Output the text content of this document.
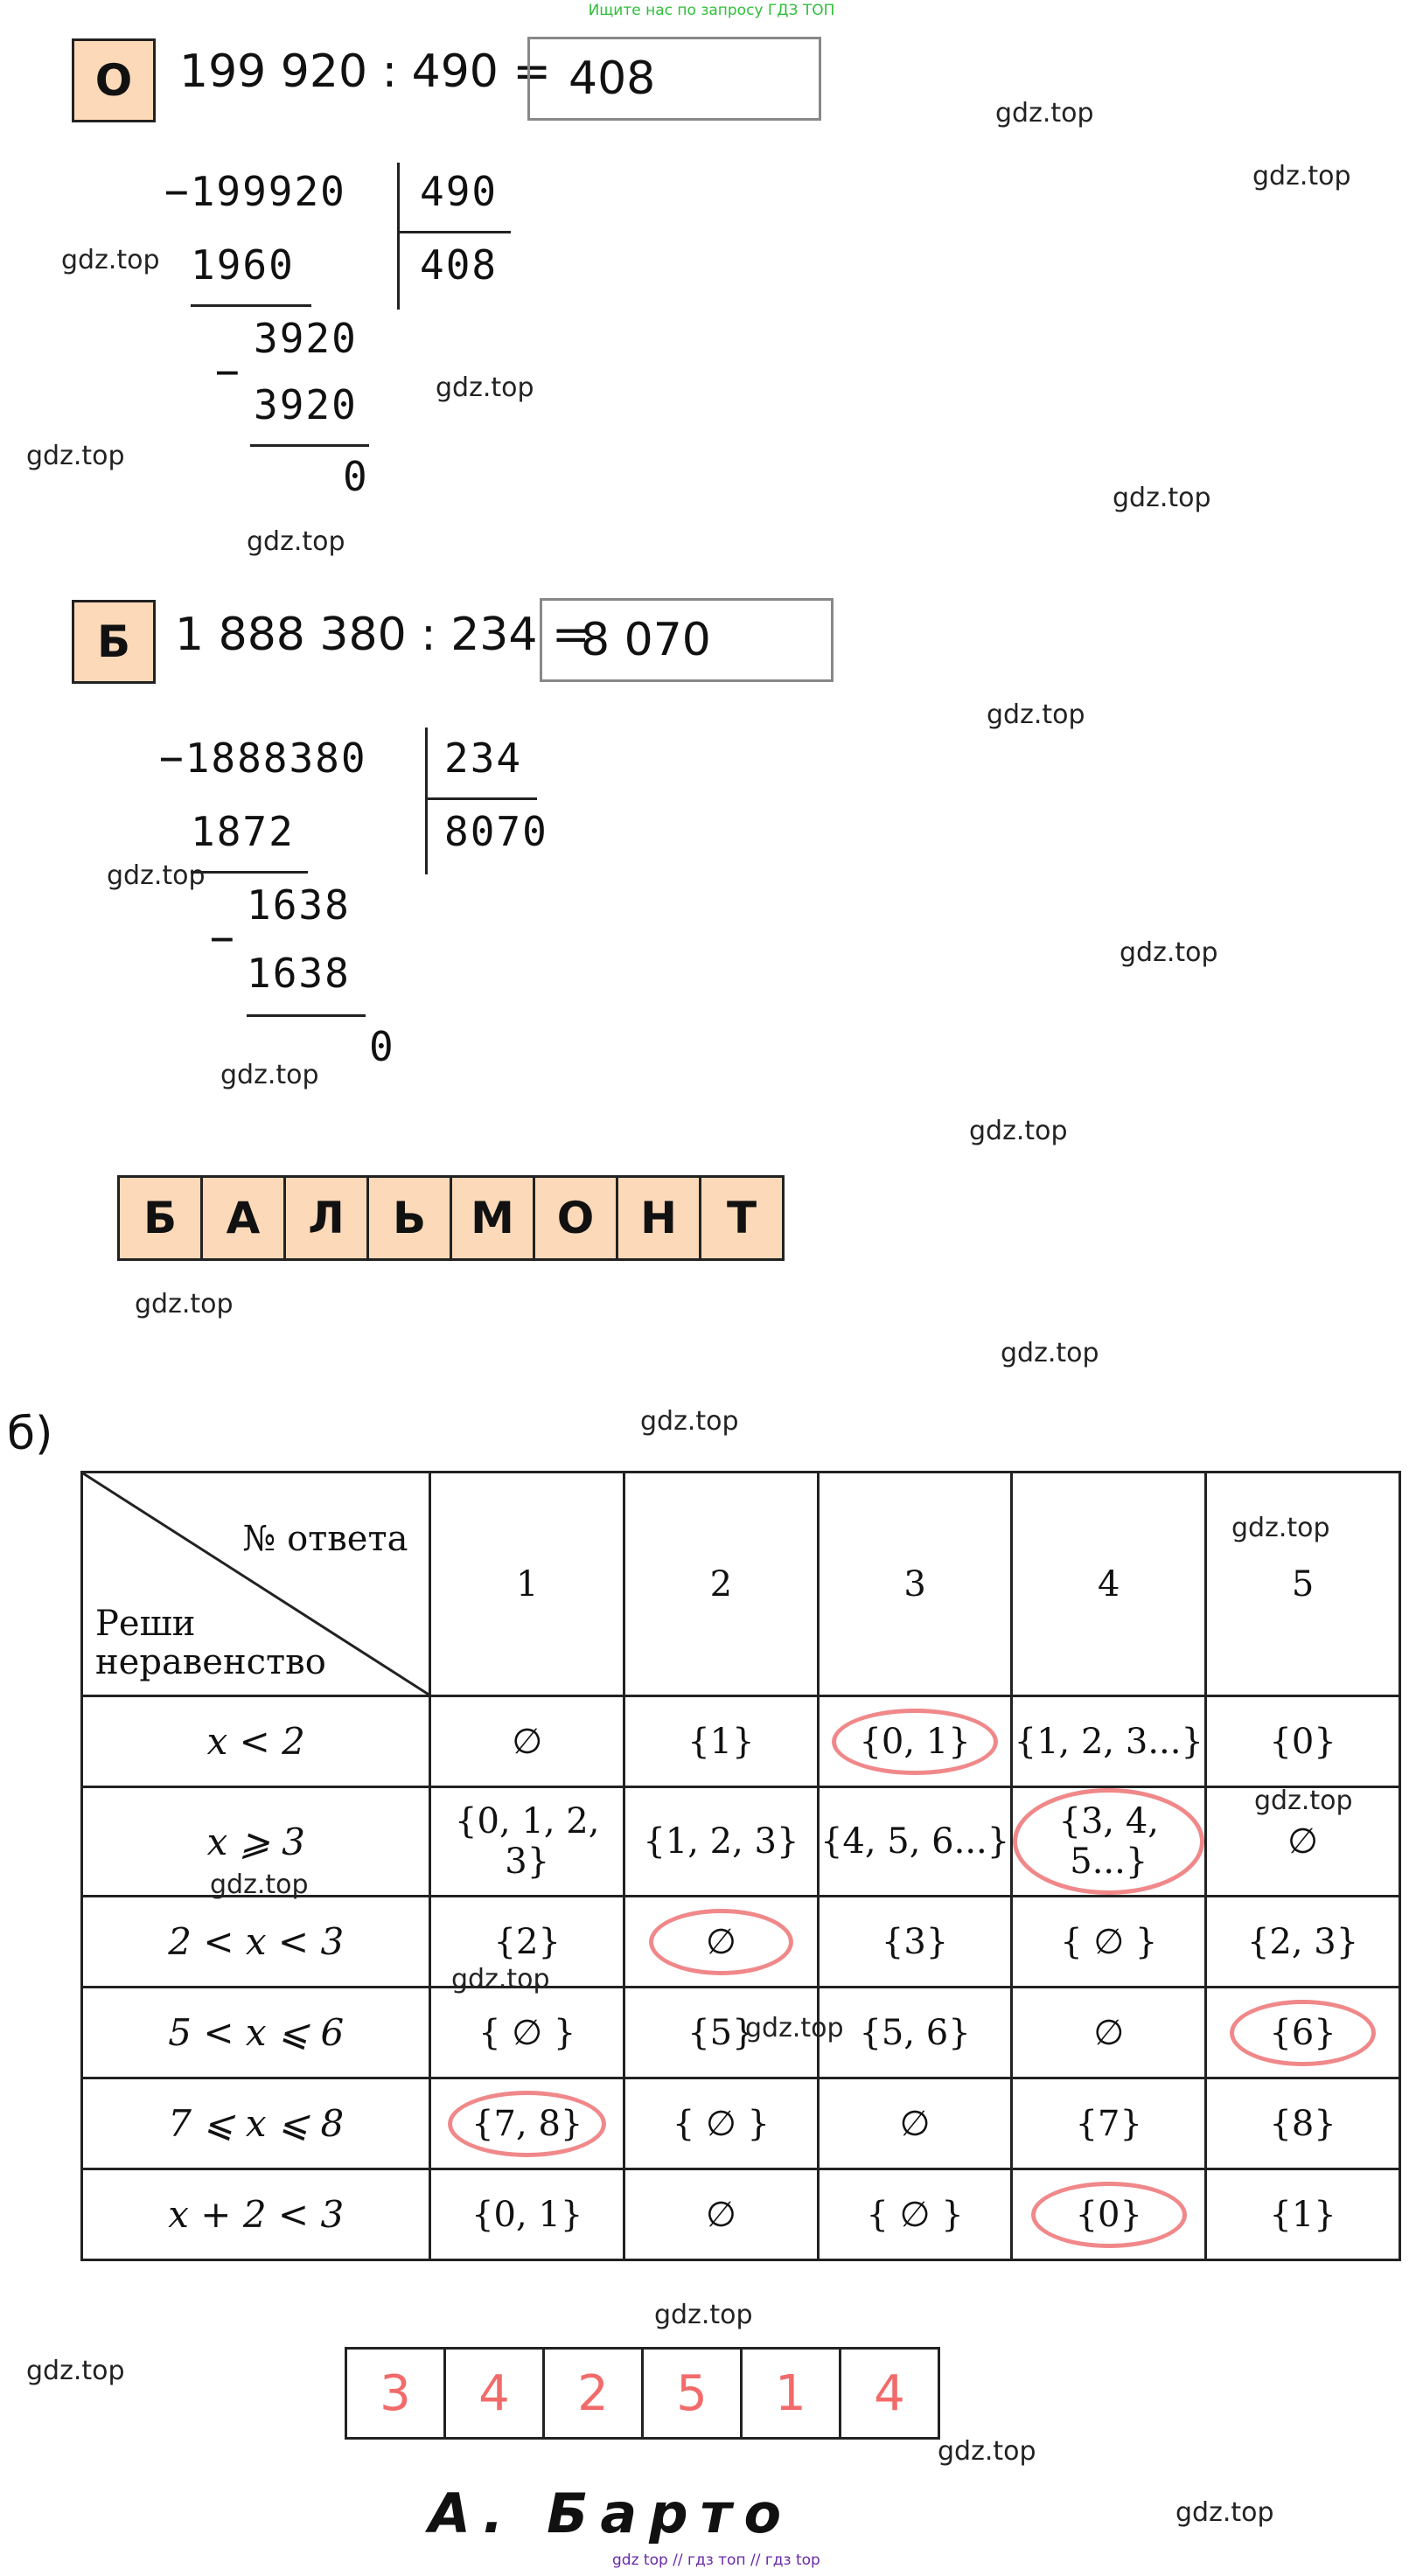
Ищите нас по запросу ГДЗ ТОП
О	199 920 : 490 = 408
−199920 490
408
1960
3920
−
3920
0
Б 1 888 380 : 234 =
8 070
−1888380 234
8070
1872
1638
−
1638
0
Б	А	Л	Ь	М О	Н	Т
б)
№ ответа
Реши неравенство	1	2	3	4	5
x < 2	∅	{1}	{0, 1}	{1, 2, 3...}	{0}
x ⩾ 3	{0, 1, 2, 3}	{1, 2, 3}	{4, 5, 6...}	{3, 4, 5...}	∅
2 < x < 3	{2}	∅	{3}	{ ∅ }	{2, 3}
5 < x ⩽ 6	{ ∅ }	{5}	{5, 6}	∅	{6}
7 ⩽ x ⩽ 8	{7, 8}	{ ∅ }	∅	{7}	{8}
x + 2 < 3	{0, 1}	∅	{ ∅ }	{0}	{1}
3	4	2	5	1	4
А. Барто
gdz top // гдз топ // гдз top
gdz.top
gdz.top
gdz.top
gdz.top
gdz.top
gdz.top
gdz.top
gdz.top
gdz.top
gdz.top
gdz.top
gdz.top
gdz.top
gdz.top
gdz.top
gdz.top
gdz.top
gdz.top
gdz.top
gdz.top
gdz.top
gdz.top
gdz.top
gdz.top
